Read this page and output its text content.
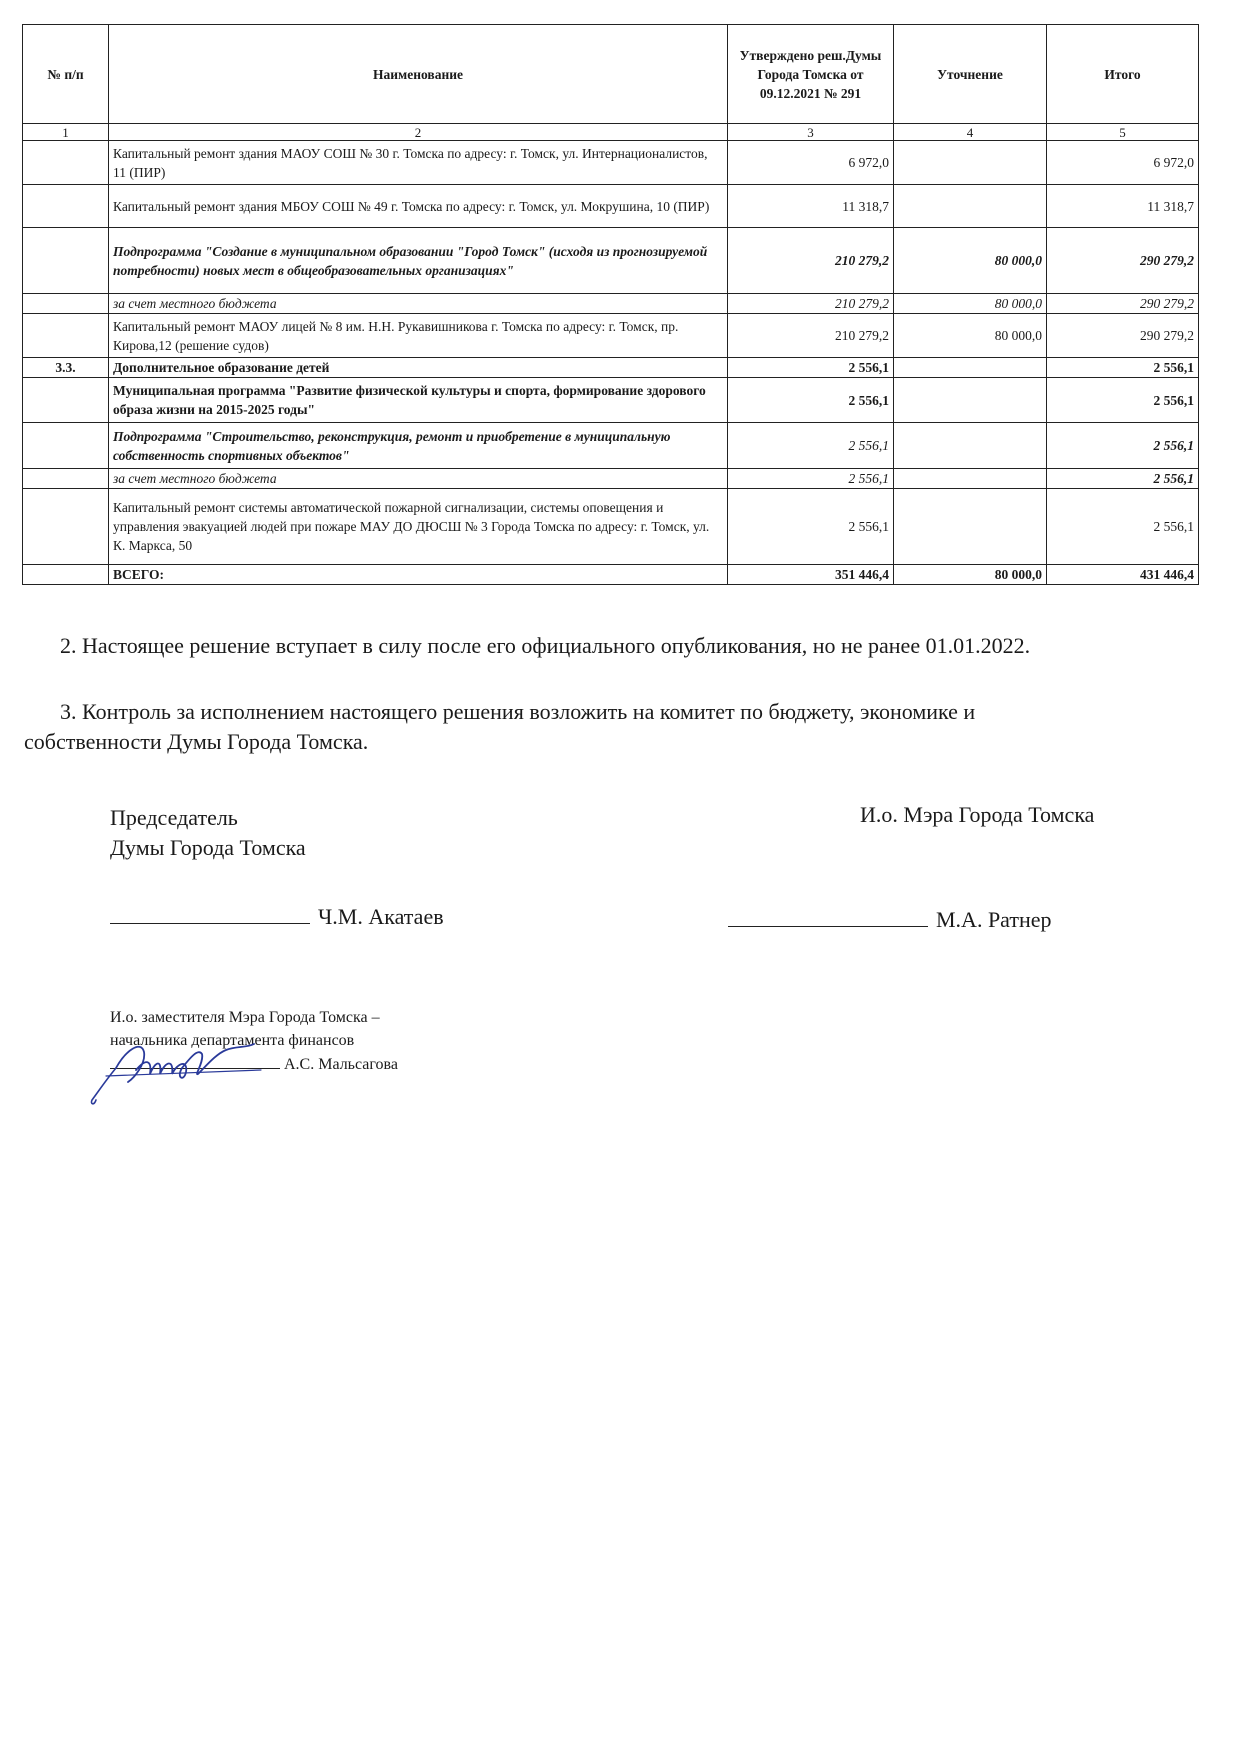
№ п/п	Наименование	Утверждено реш.Думы Города Томска от 09.12.2021 № 291	Уточнение	Итого
1	2	3	4	5
	Капитальный ремонт здания МАОУ СОШ № 30 г. Томска по адресу: г. Томск, ул. Интернационалистов, 11 (ПИР)	6 972,0		6 972,0
	Капитальный ремонт здания МБОУ СОШ № 49 г. Томска по адресу: г. Томск, ул. Мокрушина, 10 (ПИР)	11 318,7		11 318,7
	Подпрограмма "Создание в муниципальном образовании "Город Томск" (исходя из прогнозируемой потребности) новых мест в общеобразовательных организациях"	210 279,2	80 000,0	290 279,2
	за счет местного бюджета	210 279,2	80 000,0	290 279,2
	Капитальный ремонт МАОУ лицей № 8 им. Н.Н. Рукавишникова г. Томска по адресу: г. Томск, пр. Кирова,12 (решение судов)	210 279,2	80 000,0	290 279,2
3.3.	Дополнительное образование детей	2 556,1		2 556,1
	Муниципальная программа "Развитие физической культуры и спорта, формирование здорового образа жизни на 2015-2025 годы"	2 556,1		2 556,1
	Подпрограмма "Строительство, реконструкция, ремонт и приобретение в муниципальную собственность спортивных объектов"	2 556,1		2 556,1
	за счет местного бюджета	2 556,1		2 556,1
	Капитальный ремонт системы автоматической пожарной сигнализации, системы оповещения и управления эвакуацией людей при пожаре МАУ ДО ДЮСШ № 3 Города Томска по адресу: г. Томск, ул. К. Маркса, 50	2 556,1		2 556,1
	ВСЕГО:	351 446,4	80 000,0	431 446,4
2. Настоящее решение вступает в силу после его официального опубликования, но не ранее 01.01.2022.
3. Контроль за исполнением настоящего решения возложить на комитет по бюджету, экономике и
собственности Думы Города Томска.
Председатель
Думы Города Томска
Ч.М. Акатаев
И.о. Мэра Города Томска
М.А. Ратнер
И.о. заместителя Мэра Города Томска –
начальника департамента финансов
А.С. Мальсагова
